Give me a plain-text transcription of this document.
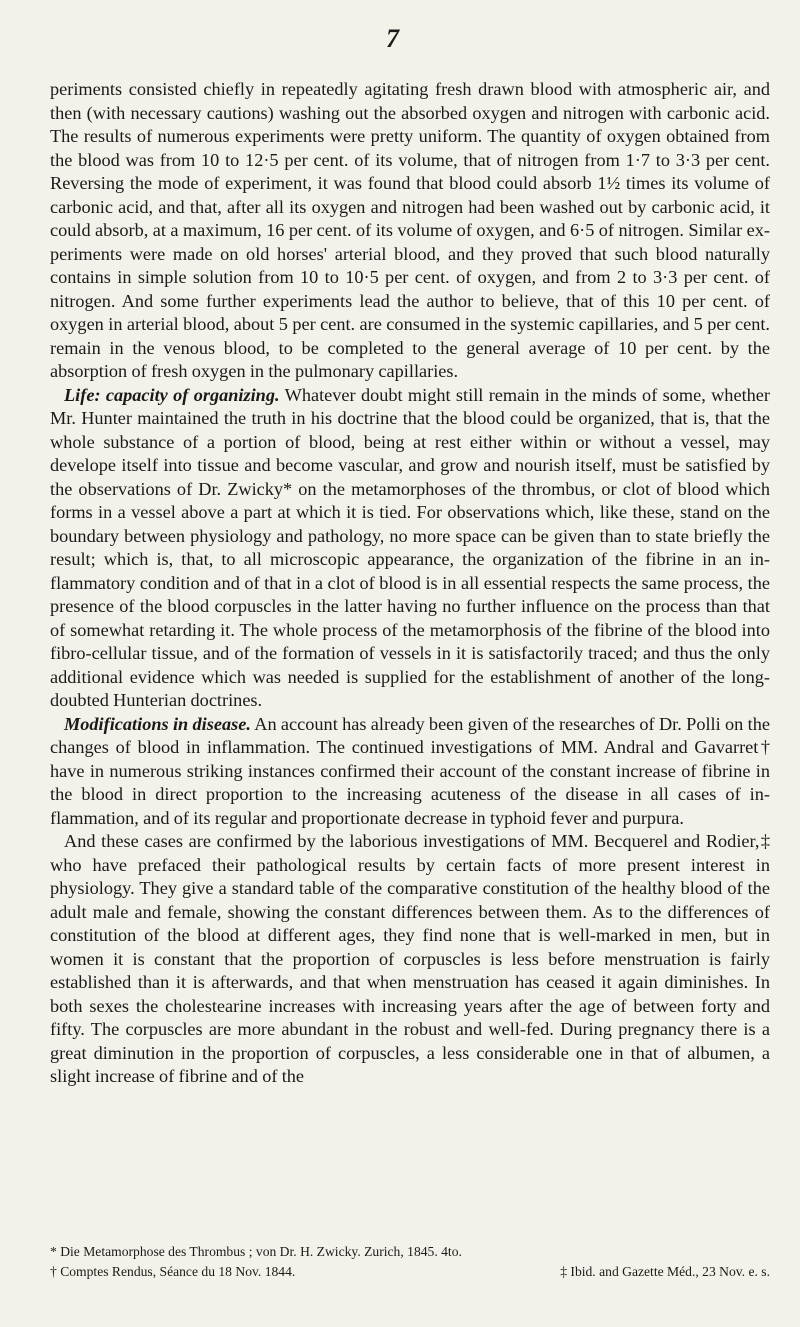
7

periments consisted chiefly in repeatedly agitating fresh drawn blood with atmospheric air, and then (with necessary cautions) washing out the absorbed oxygen and nitrogen with carbonic acid. The results of numerous experiments were pretty uniform. The quantity of oxygen obtained from the blood was from 10 to 12·5 per cent. of its volume, that of nitrogen from 1·7 to 3·3 per cent. Reversing the mode of experiment, it was found that blood could absorb 1½ times its volume of carbonic acid, and that, after all its oxygen and nitrogen had been washed out by carbonic acid, it could absorb, at a maximum, 16 per cent. of its volume of oxygen, and 6·5 of nitrogen. Similar experiments were made on old horses' arterial blood, and they proved that such blood naturally contains in simple solution from 10 to 10·5 per cent. of oxygen, and from 2 to 3·3 per cent. of nitrogen. And some further experiments lead the author to believe, that of this 10 per cent. of oxygen in arterial blood, about 5 per cent. are consumed in the systemic capillaries, and 5 per cent. remain in the venous blood, to be completed to the general average of 10 per cent. by the absorption of fresh oxygen in the pulmonary capillaries.

Life: capacity of organizing. Whatever doubt might still remain in the minds of some, whether Mr. Hunter maintained the truth in his doctrine that the blood could be organized, that is, that the whole substance of a portion of blood, being at rest either within or without a vessel, may develope itself into tissue and become vascular, and grow and nourish itself, must be satisfied by the observations of Dr. Zwicky* on the metamorphoses of the thrombus, or clot of blood which forms in a vessel above a part at which it is tied. For observations which, like these, stand on the boundary between physiology and pathology, no more space can be given than to state briefly the result; which is, that, to all microscopic appearance, the organization of the fibrine in an inflammatory condition and of that in a clot of blood is in all essential respects the same process, the presence of the blood corpuscles in the latter having no further influence on the process than that of somewhat retarding it. The whole process of the metamorphosis of the fibrine of the blood into fibro-cellular tissue, and of the formation of vessels in it is satisfactorily traced; and thus the only additional evidence which was needed is supplied for the establishment of another of the long-doubted Hunterian doctrines.

Modifications in disease. An account has already been given of the researches of Dr. Polli on the changes of blood in inflammation. The continued investigations of MM. Andral and Gavarret† have in numerous striking instances confirmed their account of the constant increase of fibrine in the blood in direct proportion to the increasing acuteness of the disease in all cases of inflammation, and of its regular and proportionate decrease in typhoid fever and purpura.

And these cases are confirmed by the laborious investigations of MM. Becquerel and Rodier,‡ who have prefaced their pathological results by certain facts of more present interest in physiology. They give a standard table of the comparative constitution of the healthy blood of the adult male and female, showing the constant differences between them. As to the differences of constitution of the blood at different ages, they find none that is well-marked in men, but in women it is constant that the proportion of corpuscles is less before menstruation is fairly established than it is afterwards, and that when menstruation has ceased it again diminishes. In both sexes the cholestearine increases with increasing years after the age of between forty and fifty. The corpuscles are more abundant in the robust and well-fed. During pregnancy there is a great diminution in the proportion of corpuscles, a less considerable one in that of albumen, a slight increase of fibrine and of the

* Die Metamorphose des Thrombus ; von Dr. H. Zwicky. Zurich, 1845. 4to.
† Comptes Rendus, Séance du 18 Nov. 1844.	‡ Ibid. and Gazette Méd., 23 Nov. e. s.
